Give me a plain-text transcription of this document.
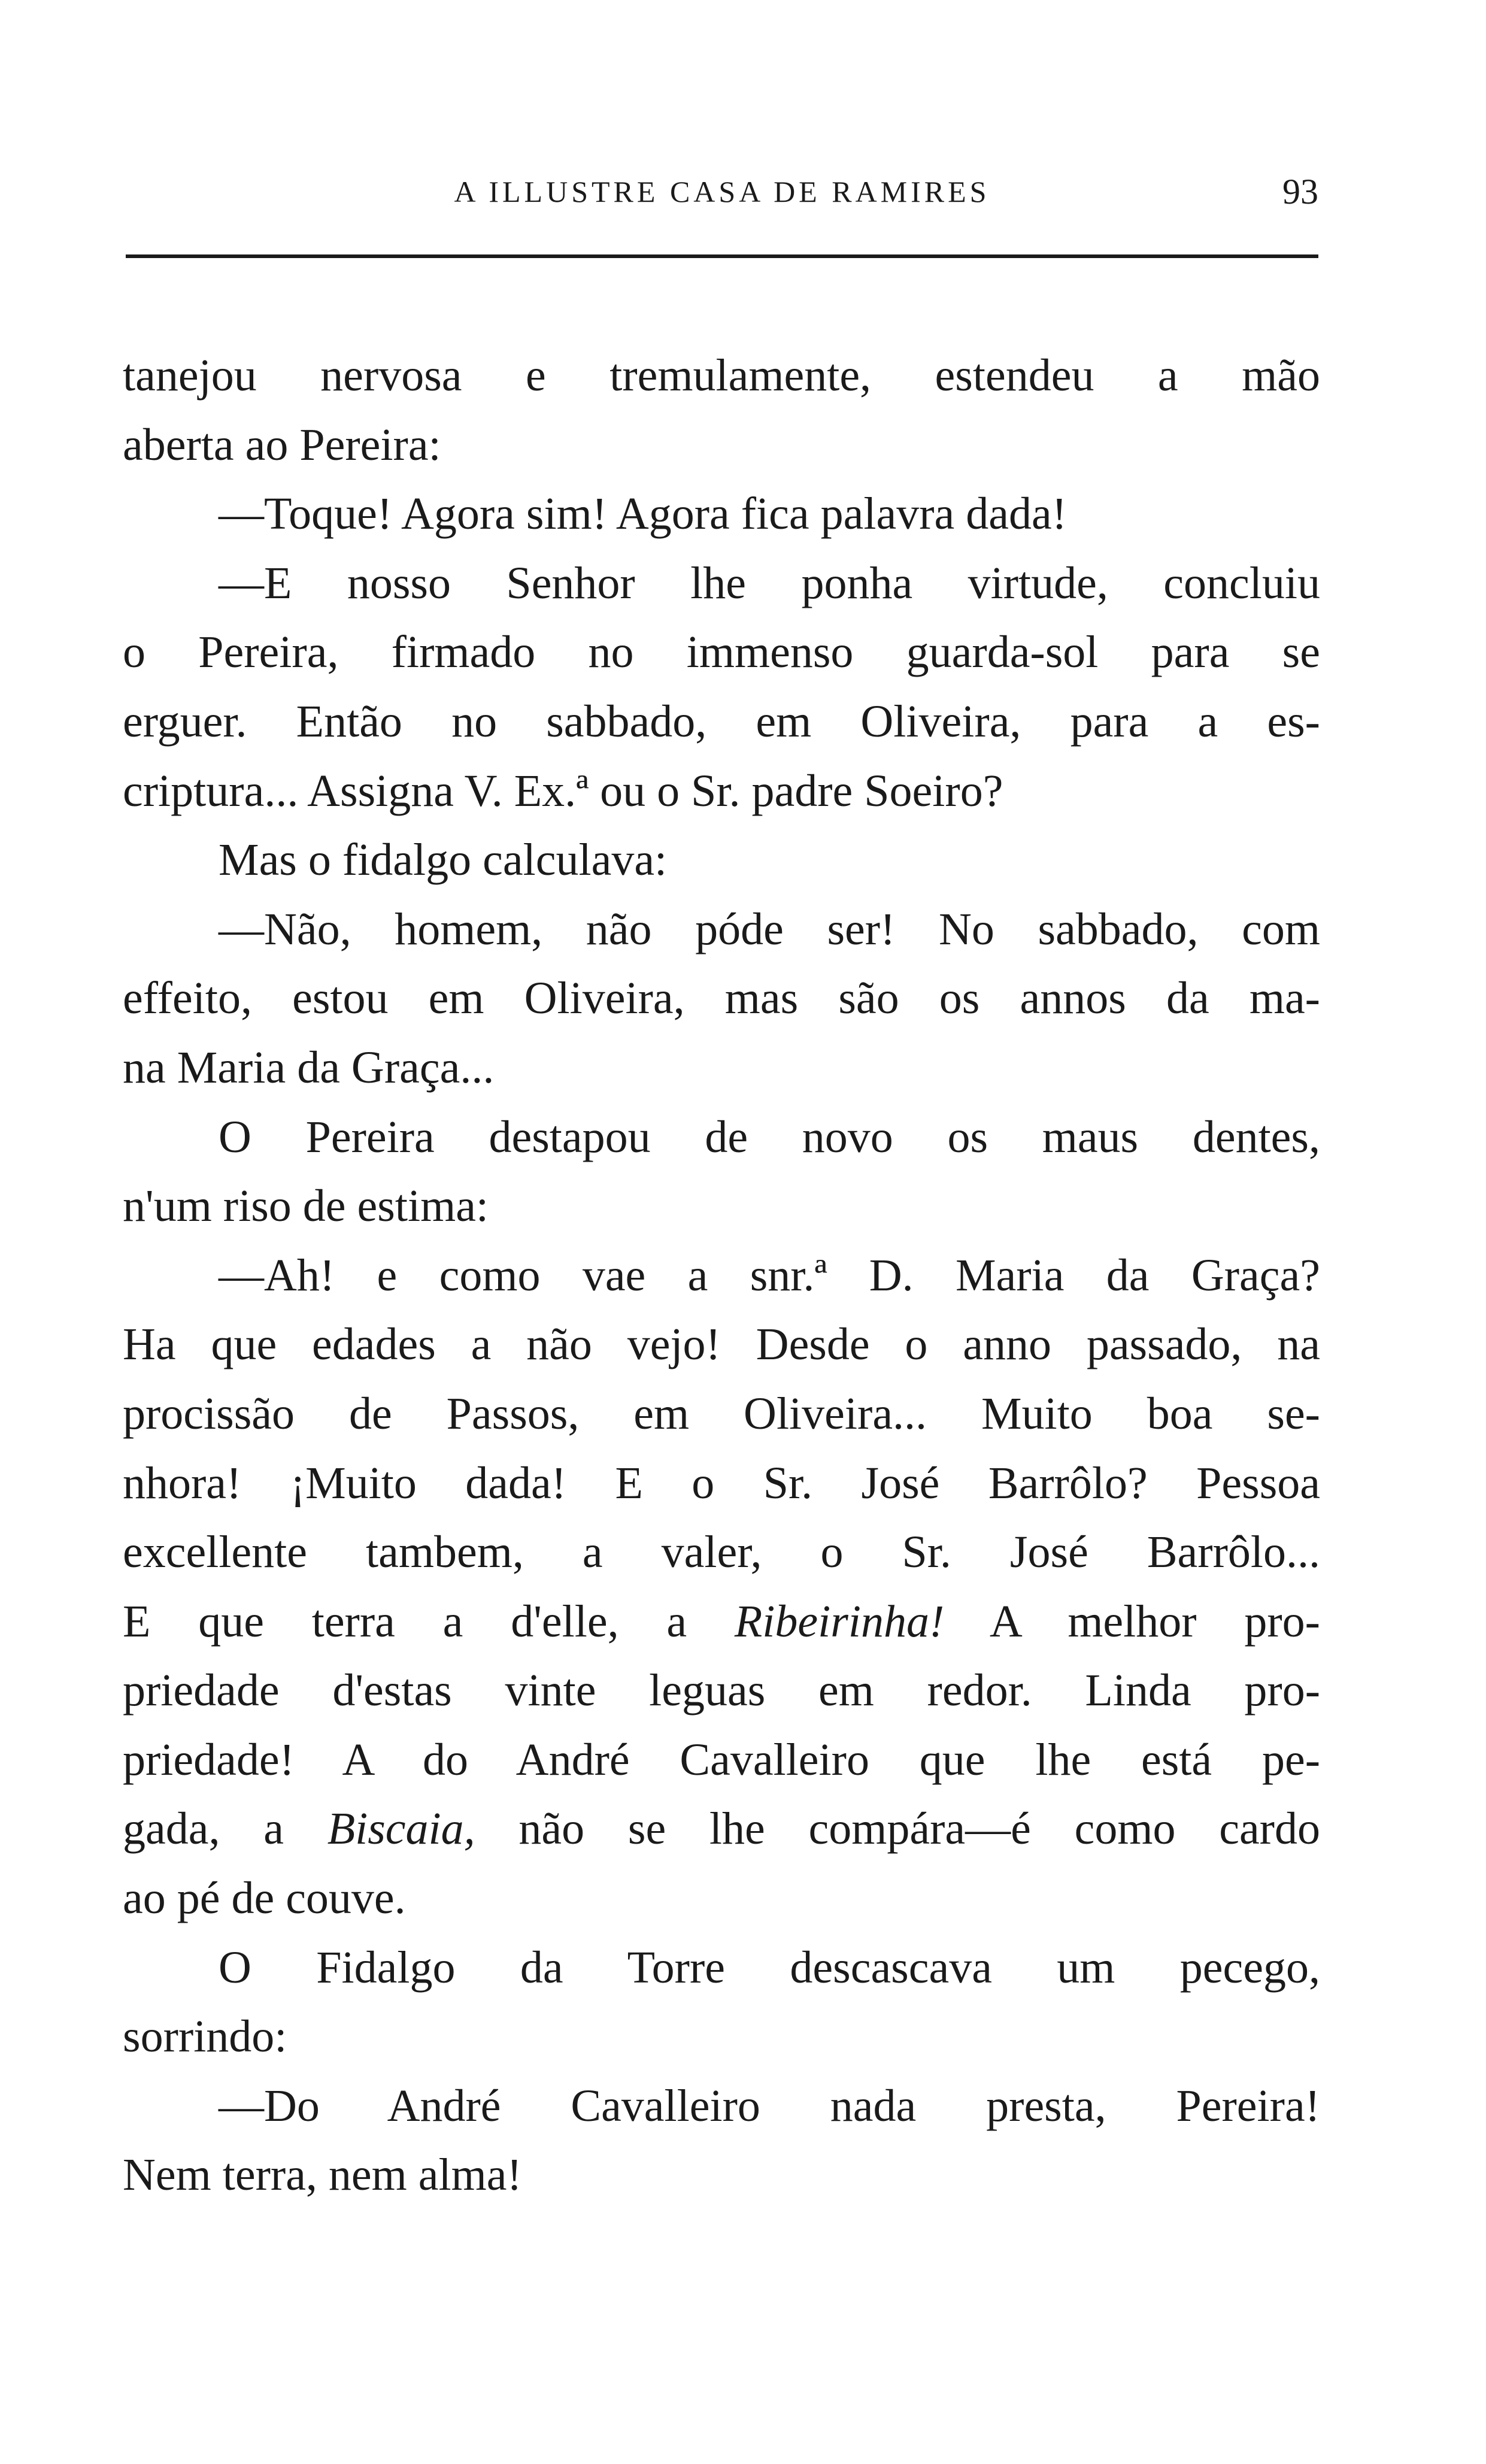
A ILLUSTRE CASA DE RAMIRES	93
tanejou nervosa e tremulamente, estendeu a mão
aberta ao Pereira:
—Toque! Agora sim! Agora fica palavra dada!
—E nosso Senhor lhe ponha virtude, concluiu
o Pereira, firmado no immenso guarda-sol para se
erguer. Então no sabbado, em Oliveira, para a es-
criptura... Assigna V. Ex.ª ou o Sr. padre Soeiro?
Mas o fidalgo calculava:
—Não, homem, não póde ser! No sabbado, com
effeito, estou em Oliveira, mas são os annos da ma-
na Maria da Graça...
O Pereira destapou de novo os maus dentes,
n'um riso de estima:
—Ah! e como vae a snr.ª D. Maria da Graça?
Ha que edades a não vejo! Desde o anno passado, na
procissão de Passos, em Oliveira... Muito boa se-
nhora! ¡Muito dada! E o Sr. José Barrôlo? Pessoa
excellente tambem, a valer, o Sr. José Barrôlo...
E que terra a d'elle, a Ribeirinha! A melhor pro-
priedade d'estas vinte leguas em redor. Linda pro-
priedade! A do André Cavalleiro que lhe está pe-
gada, a Biscaia, não se lhe compára—é como cardo
ao pé de couve.
O Fidalgo da Torre descascava um pecego,
sorrindo:
—Do André Cavalleiro nada presta, Pereira!
Nem terra, nem alma!
